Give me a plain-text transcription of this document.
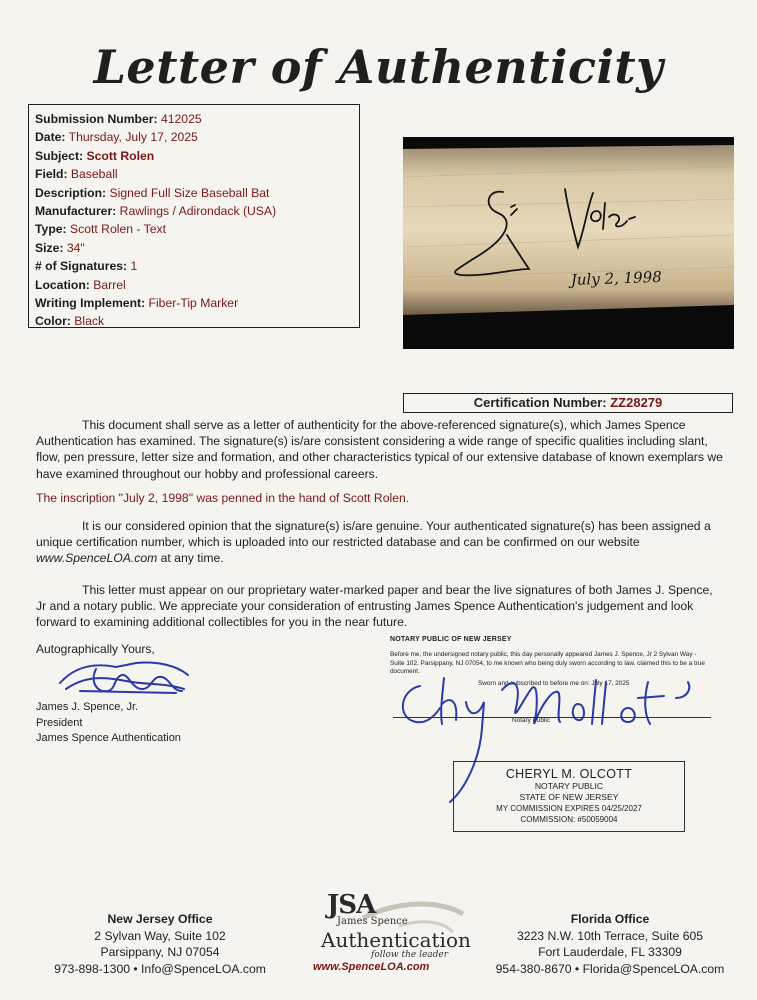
Letter of Authenticity
Submission Number: 412025
Date: Thursday, July 17, 2025
Subject: Scott Rolen
Field: Baseball
Description: Signed Full Size Baseball Bat
Manufacturer: Rawlings / Adirondack (USA)
Type: Scott Rolen - Text
Size: 34"
# of Signatures: 1
Location: Barrel
Writing Implement: Fiber-Tip Marker
Color: Black
July 2, 1998
Certification Number: ZZ28279
This document shall serve as a letter of authenticity for the above-referenced signature(s), which James Spence Authentication has examined. The signature(s) is/are consistent considering a wide range of specific qualities including slant, flow, pen pressure, letter size and formation, and other characteristics typical of our extensive database of known exemplars we have examined throughout our hobby and professional careers.
The inscription "July 2, 1998" was penned in the hand of Scott Rolen.
It is our considered opinion that the signature(s) is/are genuine. Your authenticated signature(s) has been assigned a unique certification number, which is uploaded into our restricted database and can be confirmed on our website www.SpenceLOA.com at any time.
This letter must appear on our proprietary water-marked paper and bear the live signatures of both James J. Spence, Jr and a notary public. We appreciate your consideration of entrusting James Spence Authentication's judgement and look forward to examining additional collectibles for you in the near future.
Autographically Yours,
James J. Spence, Jr.
President
James Spence Authentication
NOTARY PUBLIC OF NEW JERSEY
Before me, the undersigned notary public, this day personally appeared James J. Spence, Jr 2 Sylvan Way - Suite 102, Parsippany, NJ 07054, to me known who being duly sworn according to law, claimed this to be a true document.
Sworn and subscribed to before me on: July 17, 2025
Notary Public
CHERYL M. OLCOTT
NOTARY PUBLIC
STATE OF NEW JERSEY
MY COMMISSION EXPIRES 04/25/2027
COMMISSION: #50059004
New Jersey Office
2 Sylvan Way, Suite 102
Parsippany, NJ 07054
973-898-1300 • Info@SpenceLOA.com
JSA
James Spence
Authentication
follow the leader
www.SpenceLOA.com
Florida Office
3223 N.W. 10th Terrace, Suite 605
Fort Lauderdale, FL 33309
954-380-8670 • Florida@SpenceLOA.com
